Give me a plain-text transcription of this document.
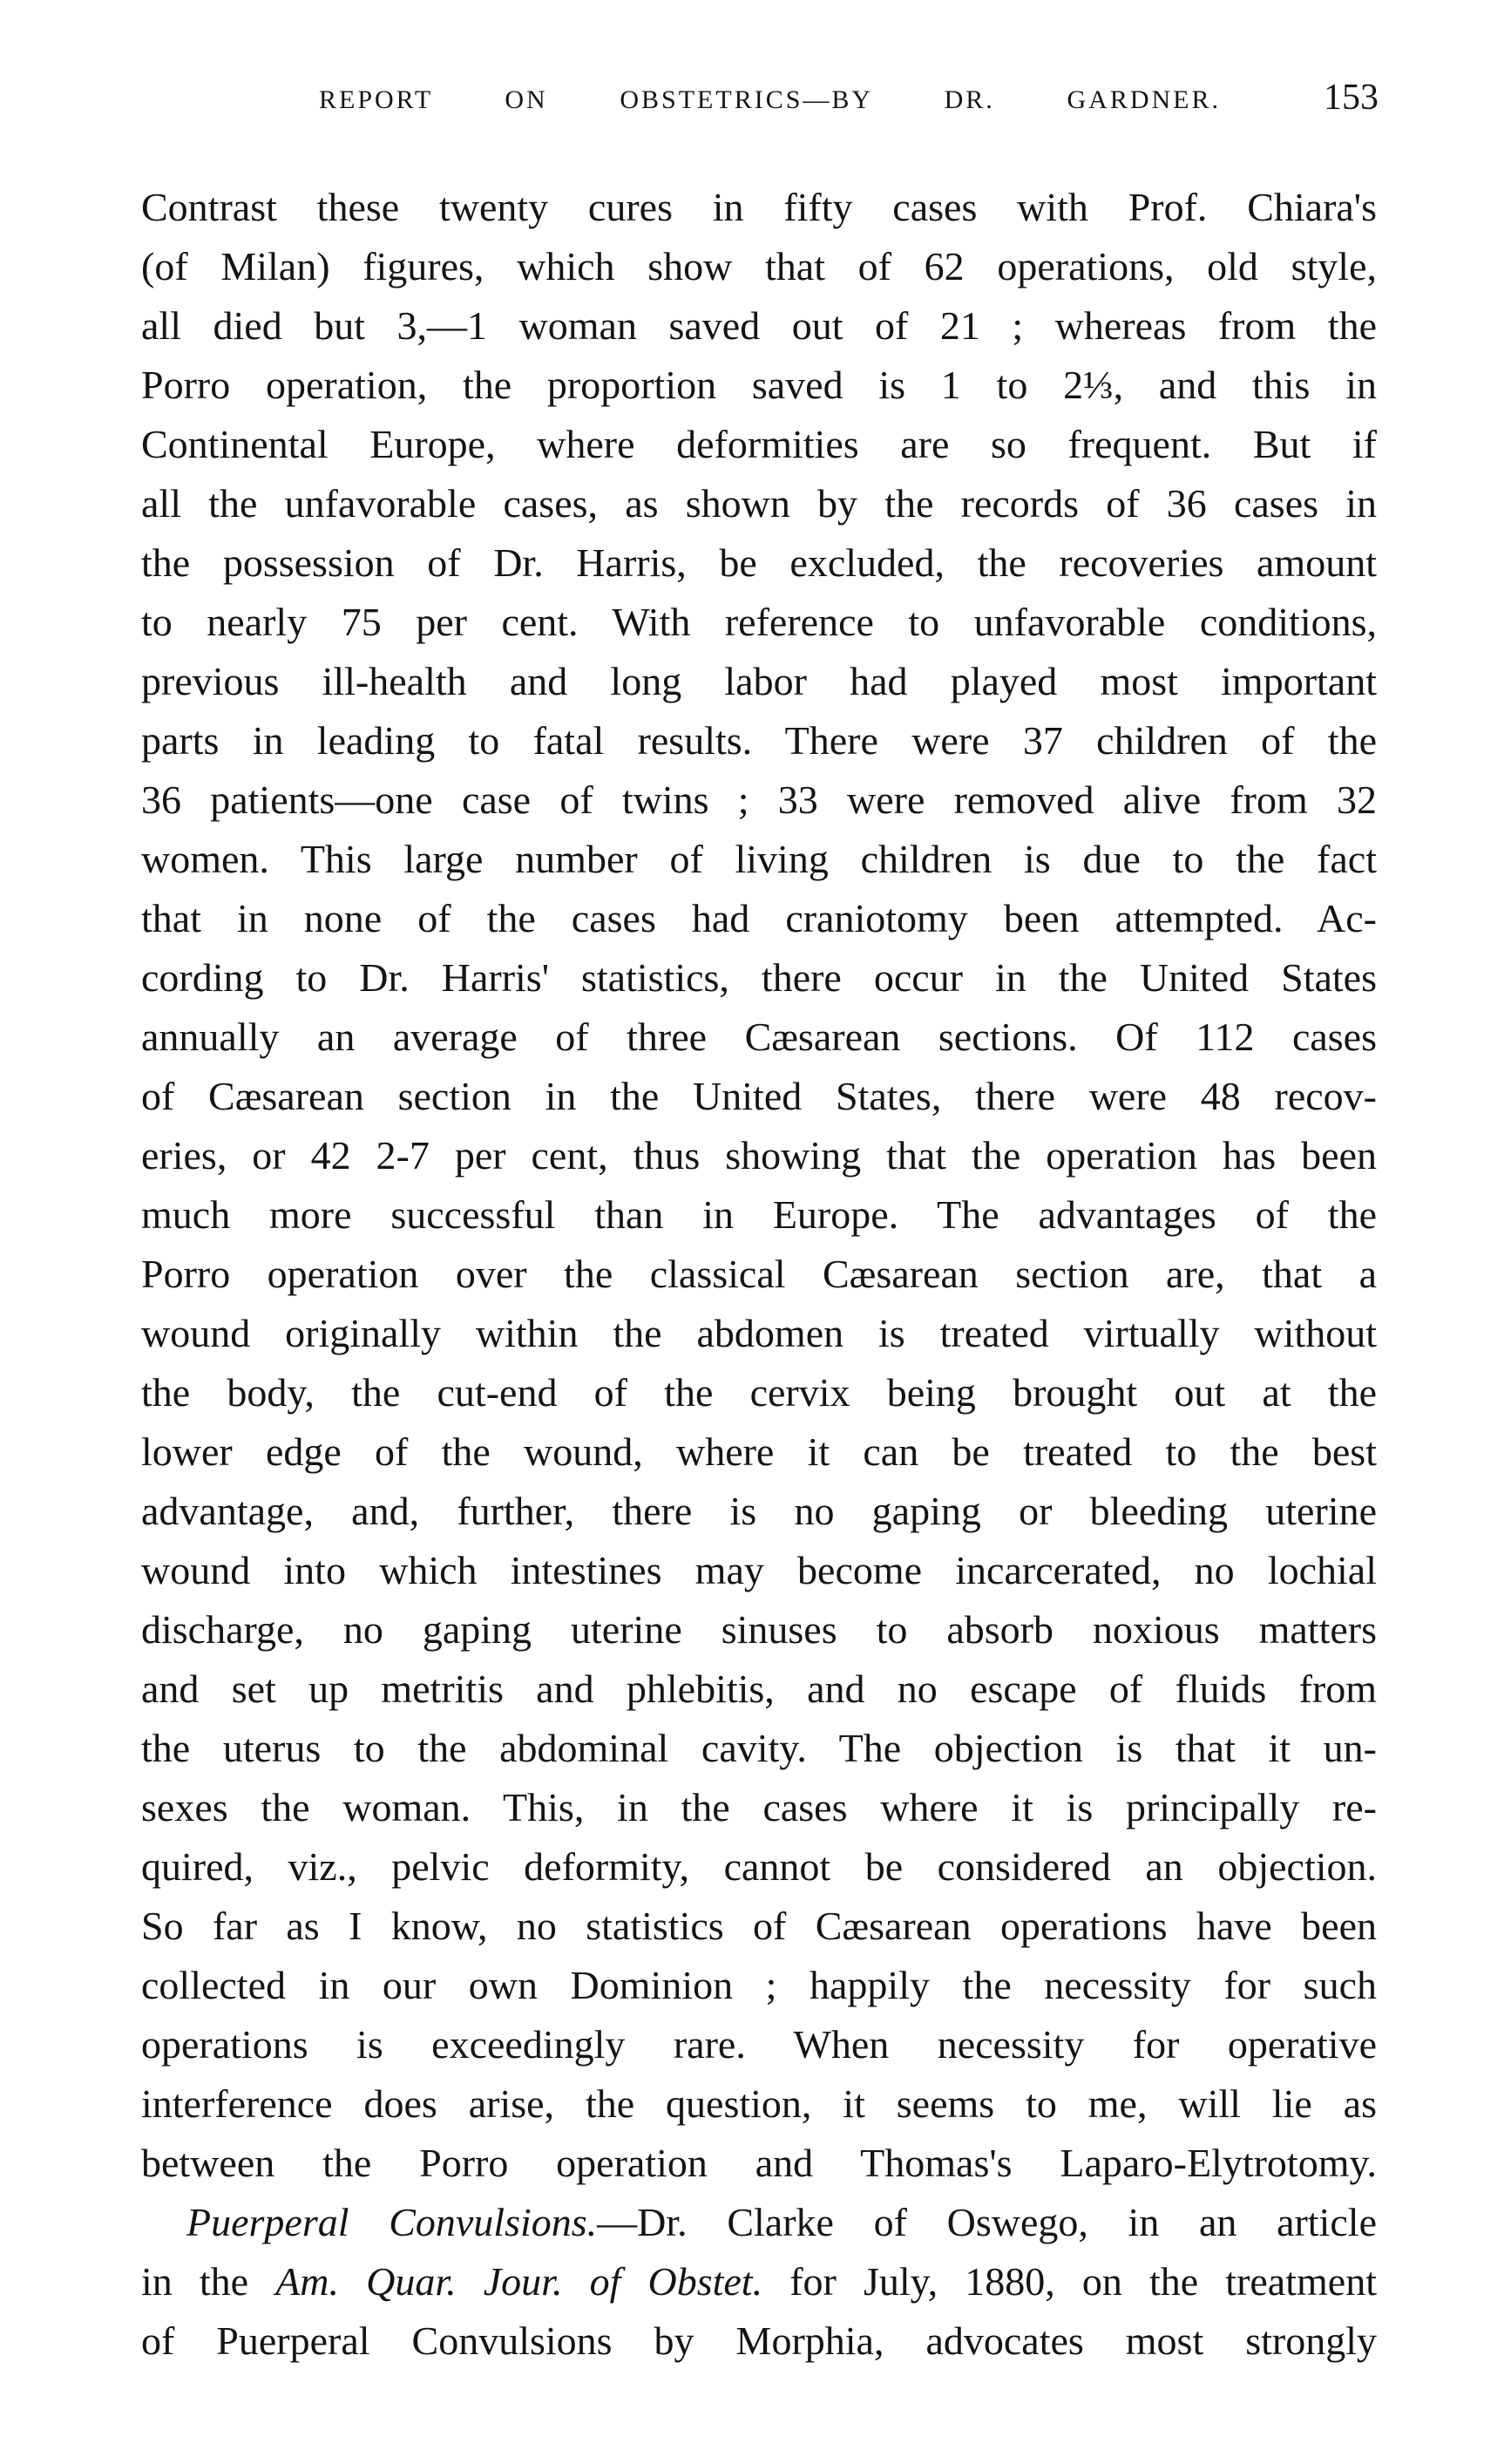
REPORT ON OBSTETRICS—BY DR. GARDNER.	153
Contrast these twenty cures in fifty cases with Prof. Chiara's
(of Milan) figures, which show that of 62 operations, old style,
all died but 3,—1 woman saved out of 21 ; whereas from the
Porro operation, the proportion saved is 1 to 2⅓, and this in
Continental Europe, where deformities are so frequent. But if
all the unfavorable cases, as shown by the records of 36 cases in
the possession of Dr. Harris, be excluded, the recoveries amount
to nearly 75 per cent. With reference to unfavorable conditions,
previous ill-health and long labor had played most important
parts in leading to fatal results. There were 37 children of the
36 patients—one case of twins ; 33 were removed alive from 32
women. This large number of living children is due to the fact
that in none of the cases had craniotomy been attempted. Ac-
cording to Dr. Harris' statistics, there occur in the United States
annually an average of three Cæsarean sections. Of 112 cases
of Cæsarean section in the United States, there were 48 recov-
eries, or 42 2-7 per cent, thus showing that the operation has been
much more successful than in Europe. The advantages of the
Porro operation over the classical Cæsarean section are, that a
wound originally within the abdomen is treated virtually without
the body, the cut-end of the cervix being brought out at the
lower edge of the wound, where it can be treated to the best
advantage, and, further, there is no gaping or bleeding uterine
wound into which intestines may become incarcerated, no lochial
discharge, no gaping uterine sinuses to absorb noxious matters
and set up metritis and phlebitis, and no escape of fluids from
the uterus to the abdominal cavity. The objection is that it un-
sexes the woman. This, in the cases where it is principally re-
quired, viz., pelvic deformity, cannot be considered an objection.
So far as I know, no statistics of Cæsarean operations have been
collected in our own Dominion ; happily the necessity for such
operations is exceedingly rare. When necessity for operative
interference does arise, the question, it seems to me, will lie as
between the Porro operation and Thomas's Laparo-Elytrotomy.
Puerperal Convulsions.—Dr. Clarke of Oswego, in an article
in the Am. Quar. Jour. of Obstet. for July, 1880, on the treatment
of Puerperal Convulsions by Morphia, advocates most strongly
